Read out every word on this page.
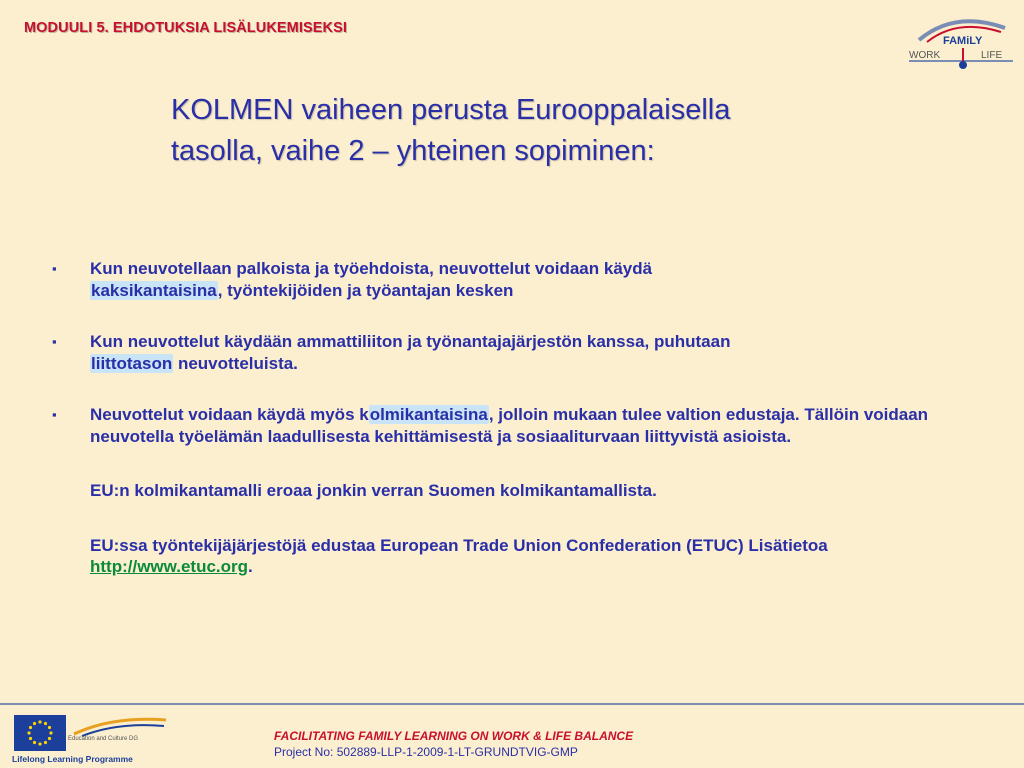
MODUULI 5. EHDOTUKSIA LISÄLUKEMISEKSI
FAMiLY
WORK	LIFE
KOLMEN vaiheen perusta Eurooppalaisella
tasolla, vaihe 2 – yhteinen sopiminen:
▪ Kun neuvotellaan palkoista ja työehdoista, neuvottelut voidaan käydä
kaksikantaisina, työntekijöiden ja työantajan kesken
▪ Kun neuvottelut käydään ammattiliiton ja työnantajajärjestön kanssa, puhutaan
liittotason neuvotteluista.
▪ Neuvottelut voidaan käydä myös kolmikantaisina, jolloin mukaan tulee valtion edustaja. Tällöin voidaan neuvotella työelämän laadullisesta kehittämisestä ja sosiaaliturvaan liittyvistä asioista.
EU:n kolmikantamalli eroaa jonkin verran Suomen kolmikantamallista.
EU:ssa työntekijäjärjestöjä edustaa European Trade Union Confederation (ETUC) Lisätietoa http://www.etuc.org.
Education and Culture DG
Lifelong Learning Programme
FACILITATING FAMILY LEARNING ON WORK & LIFE BALANCE
Project No: 502889-LLP-1-2009-1-LT-GRUNDTVIG-GMP
